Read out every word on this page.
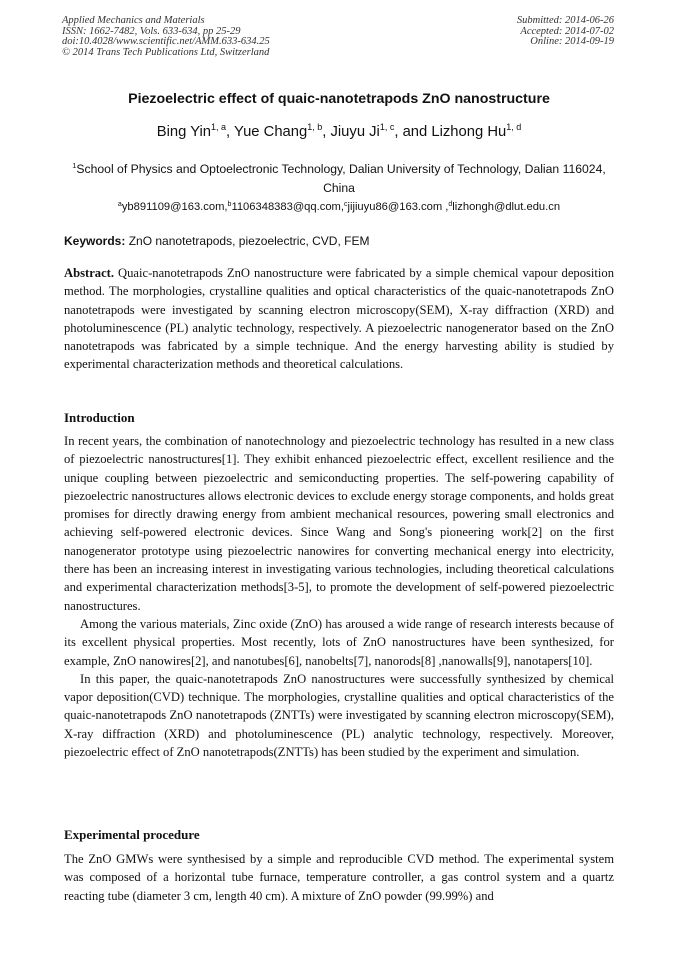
Applied Mechanics and Materials
ISSN: 1662-7482, Vols. 633-634, pp 25-29
doi:10.4028/www.scientific.net/AMM.633-634.25
© 2014 Trans Tech Publications Ltd, Switzerland
Submitted: 2014-06-26
Accepted: 2014-07-02
Online: 2014-09-19
Piezoelectric effect of quaic-nanotetrapods ZnO nanostructure
Bing Yin$^{1, a}$, Yue Chang$^{1, b}$, Jiuyu Ji$^{1, c}$, and Lizhong Hu$^{1, d}$
$^1$School of Physics and Optoelectronic Technology, Dalian University of Technology, Dalian 116024, China
$^a$yb891109@163.com,$^b$1106348383@qq.com,$^c$jijiuyu86@163.com ,$^d$lizhongh@dlut.edu.cn
Keywords: ZnO nanotetrapods, piezoelectric, CVD, FEM

Abstract. Quaic-nanotetrapods ZnO nanostructure were fabricated by a simple chemical vapour deposition method. The morphologies, crystalline qualities and optical characteristics of the quaic-nanotetrapods ZnO nanotetrapods were investigated by scanning electron microscopy(SEM), X-ray diffraction (XRD) and photoluminescence (PL) analytic technology, respectively. A piezoelectric nanogenerator based on the ZnO nanotetrapods was fabricated by a simple technique. And the energy harvesting ability is studied by experimental characterization methods and theoretical calculations.

Introduction

In recent years, the combination of nanotechnology and piezoelectric technology has resulted in a new class of piezoelectric nanostructures[1]. They exhibit enhanced piezoelectric effect, excellent resilience and the unique coupling between piezoelectric and semiconducting properties. The self-powering capability of piezoelectric nanostructures allows electronic devices to exclude energy storage components, and holds great promises for directly drawing energy from ambient mechanical resources, powering small electronics and achieving self-powered electronic devices. Since Wang and Song's pioneering work[2] on the first nanogenerator prototype using piezoelectric nanowires for converting mechanical energy into electricity, there has been an increasing interest in investigating various technologies, including theoretical calculations and experimental characterization methods[3-5], to promote the development of self-powered piezoelectric nanostructures.

Among the various materials, Zinc oxide (ZnO) has aroused a wide range of research interests because of its excellent physical properties. Most recently, lots of ZnO nanostructures have been synthesized, for example, ZnO nanowires[2], and nanotubes[6], nanobelts[7], nanorods[8] ,nanowalls[9], nanotapers[10].

In this paper, the quaic-nanotetrapods ZnO nanostructures were successfully synthesized by chemical vapor deposition(CVD) technique. The morphologies, crystalline qualities and optical characteristics of the quaic-nanotetrapods ZnO nanotetrapods (ZNTTs) were investigated by scanning electron microscopy(SEM), X-ray diffraction (XRD) and photoluminescence (PL) analytic technology, respectively. Moreover, piezoelectric effect of ZnO nanotetrapods(ZNTTs) has been studied by the experiment and simulation.

Experimental procedure

The ZnO GMWs were synthesised by a simple and reproducible CVD method. The experimental system was composed of a horizontal tube furnace, temperature controller, a gas control system and a quartz reacting tube (diameter 3 cm, length 40 cm). A mixture of ZnO powder (99.99%) and
